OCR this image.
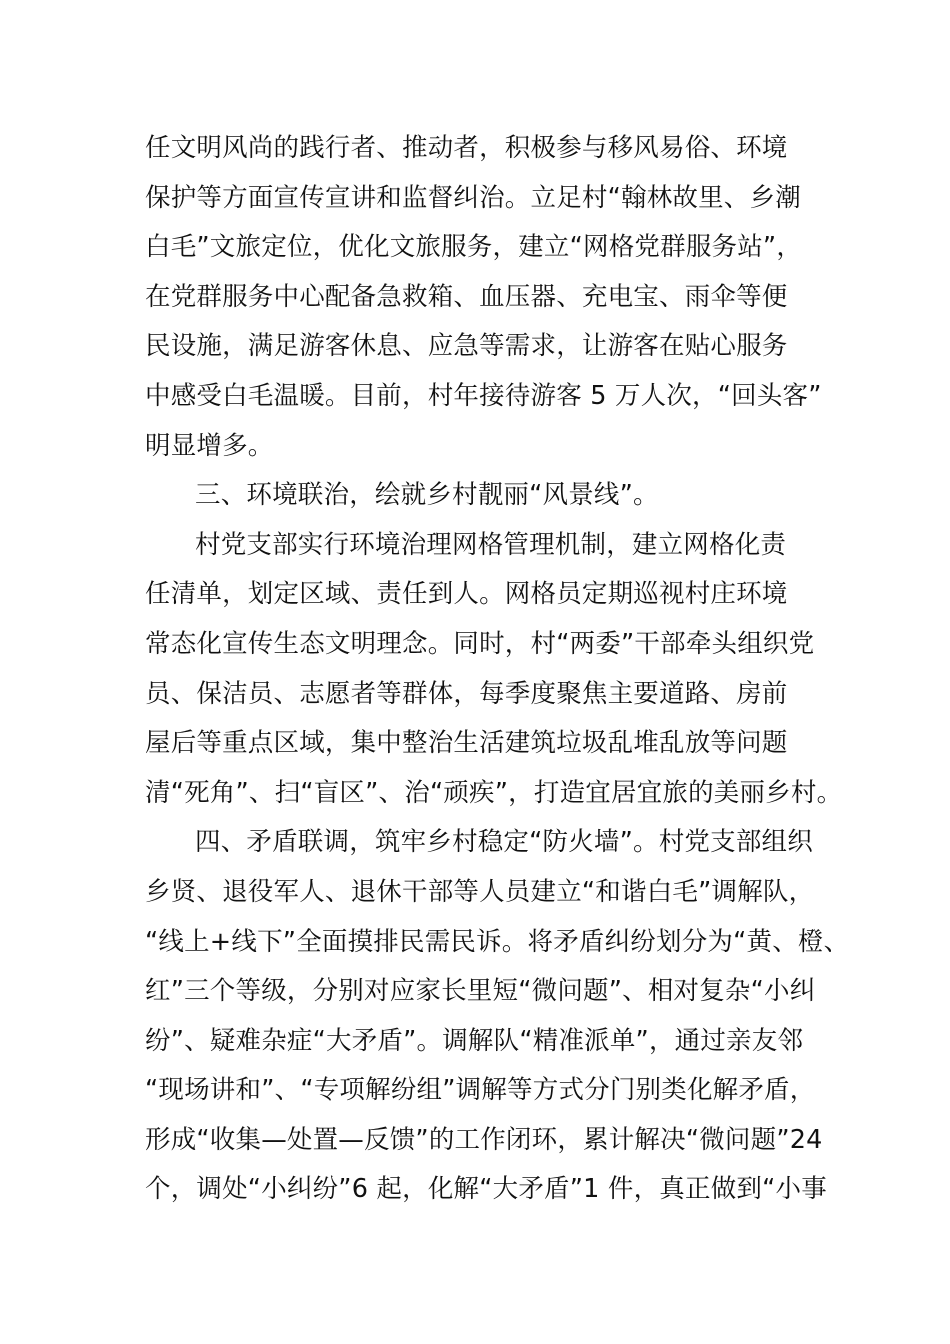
任文明风尚的践行者、推动者，积极参与移风易俗、环境
保护等方面宣传宣讲和监督纠治。立足村“翰林故里、乡潮
白毛”文旅定位，优化文旅服务，建立“网格党群服务站”，
在党群服务中心配备急救箱、血压器、充电宝、雨伞等便
民设施，满足游客休息、应急等需求，让游客在贴心服务
中感受白毛温暖。目前，村年接待游客 5 万人次，“回头客”
明显增多。
三、环境联治，绘就乡村靓丽“风景线”。
村党支部实行环境治理网格管理机制，建立网格化责
任清单，划定区域、责任到人。网格员定期巡视村庄环境
常态化宣传生态文明理念。同时，村“两委”干部牵头组织党
员、保洁员、志愿者等群体，每季度聚焦主要道路、房前
屋后等重点区域，集中整治生活建筑垃圾乱堆乱放等问题
清“死角”、扫“盲区”、治“顽疾”，打造宜居宜旅的美丽乡村。
四、矛盾联调，筑牢乡村稳定“防火墙”。村党支部组织
乡贤、退役军人、退休干部等人员建立“和谐白毛”调解队，
“线上+线下”全面摸排民需民诉。将矛盾纠纷划分为“黄、橙、
红”三个等级，分别对应家长里短“微问题”、相对复杂“小纠
纷”、疑难杂症“大矛盾”。调解队“精准派单”，通过亲友邻
“现场讲和”、“专项解纷组”调解等方式分门别类化解矛盾，
形成“收集—处置—反馈”的工作闭环，累计解决“微问题”24
个，调处“小纠纷”6 起，化解“大矛盾”1 件，真正做到“小事
